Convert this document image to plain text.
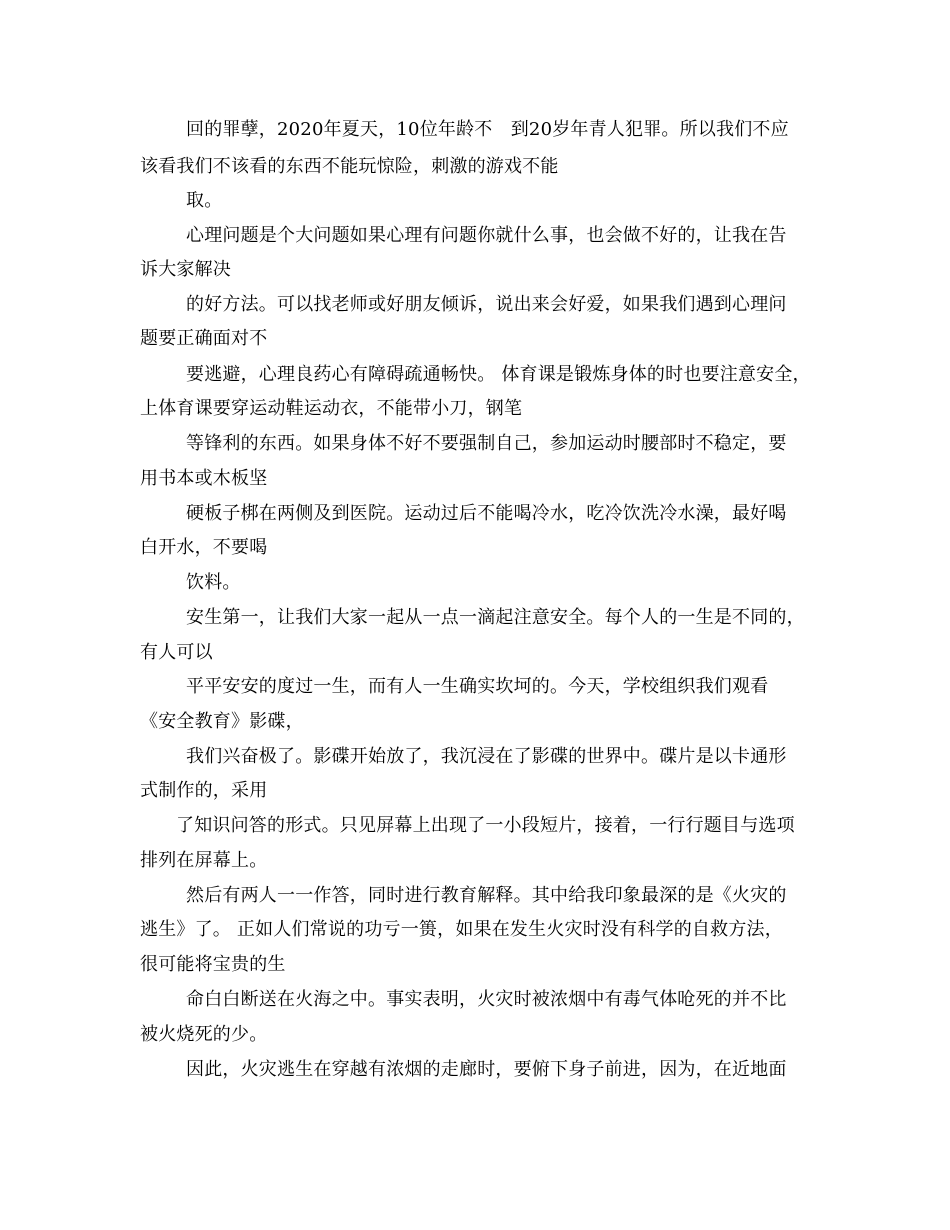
回的罪孽，2020年夏天，10位年龄不　到20岁年青人犯罪。所以我们不应
该看我们不该看的东西不能玩惊险，刺激的游戏不能
取。
心理问题是个大问题如果心理有问题你就什么事，也会做不好的，让我在告
诉大家解决
的好方法。可以找老师或好朋友倾诉，说出来会好爱，如果我们遇到心理问
题要正确面对不
要逃避，心理良药心有障碍疏通畅快。 体育课是锻炼身体的时也要注意安全，
上体育课要穿运动鞋运动衣，不能带小刀，钢笔
等锋利的东西。如果身体不好不要强制自己，参加运动时腰部时不稳定，要
用书本或木板坚
硬板子梆在两侧及到医院。运动过后不能喝冷水，吃冷饮洗冷水澡，最好喝
白开水，不要喝
饮料。
安生第一，让我们大家一起从一点一滴起注意安全。每个人的一生是不同的，
有人可以
平平安安的度过一生，而有人一生确实坎坷的。今天，学校组织我们观看
《安全教育》影碟，
我们兴奋极了。影碟开始放了，我沉浸在了影碟的世界中。碟片是以卡通形
式制作的，采用
了知识问答的形式。只见屏幕上出现了一小段短片，接着，一行行题目与选项
排列在屏幕上。
然后有两人一一作答，同时进行教育解释。其中给我印象最深的是《火灾的
逃生》了。 正如人们常说的功亏一篑，如果在发生火灾时没有科学的自救方法，
很可能将宝贵的生
命白白断送在火海之中。事实表明，火灾时被浓烟中有毒气体呛死的并不比
被火烧死的少。
因此，火灾逃生在穿越有浓烟的走廊时，要俯下身子前进，因为，在近地面
